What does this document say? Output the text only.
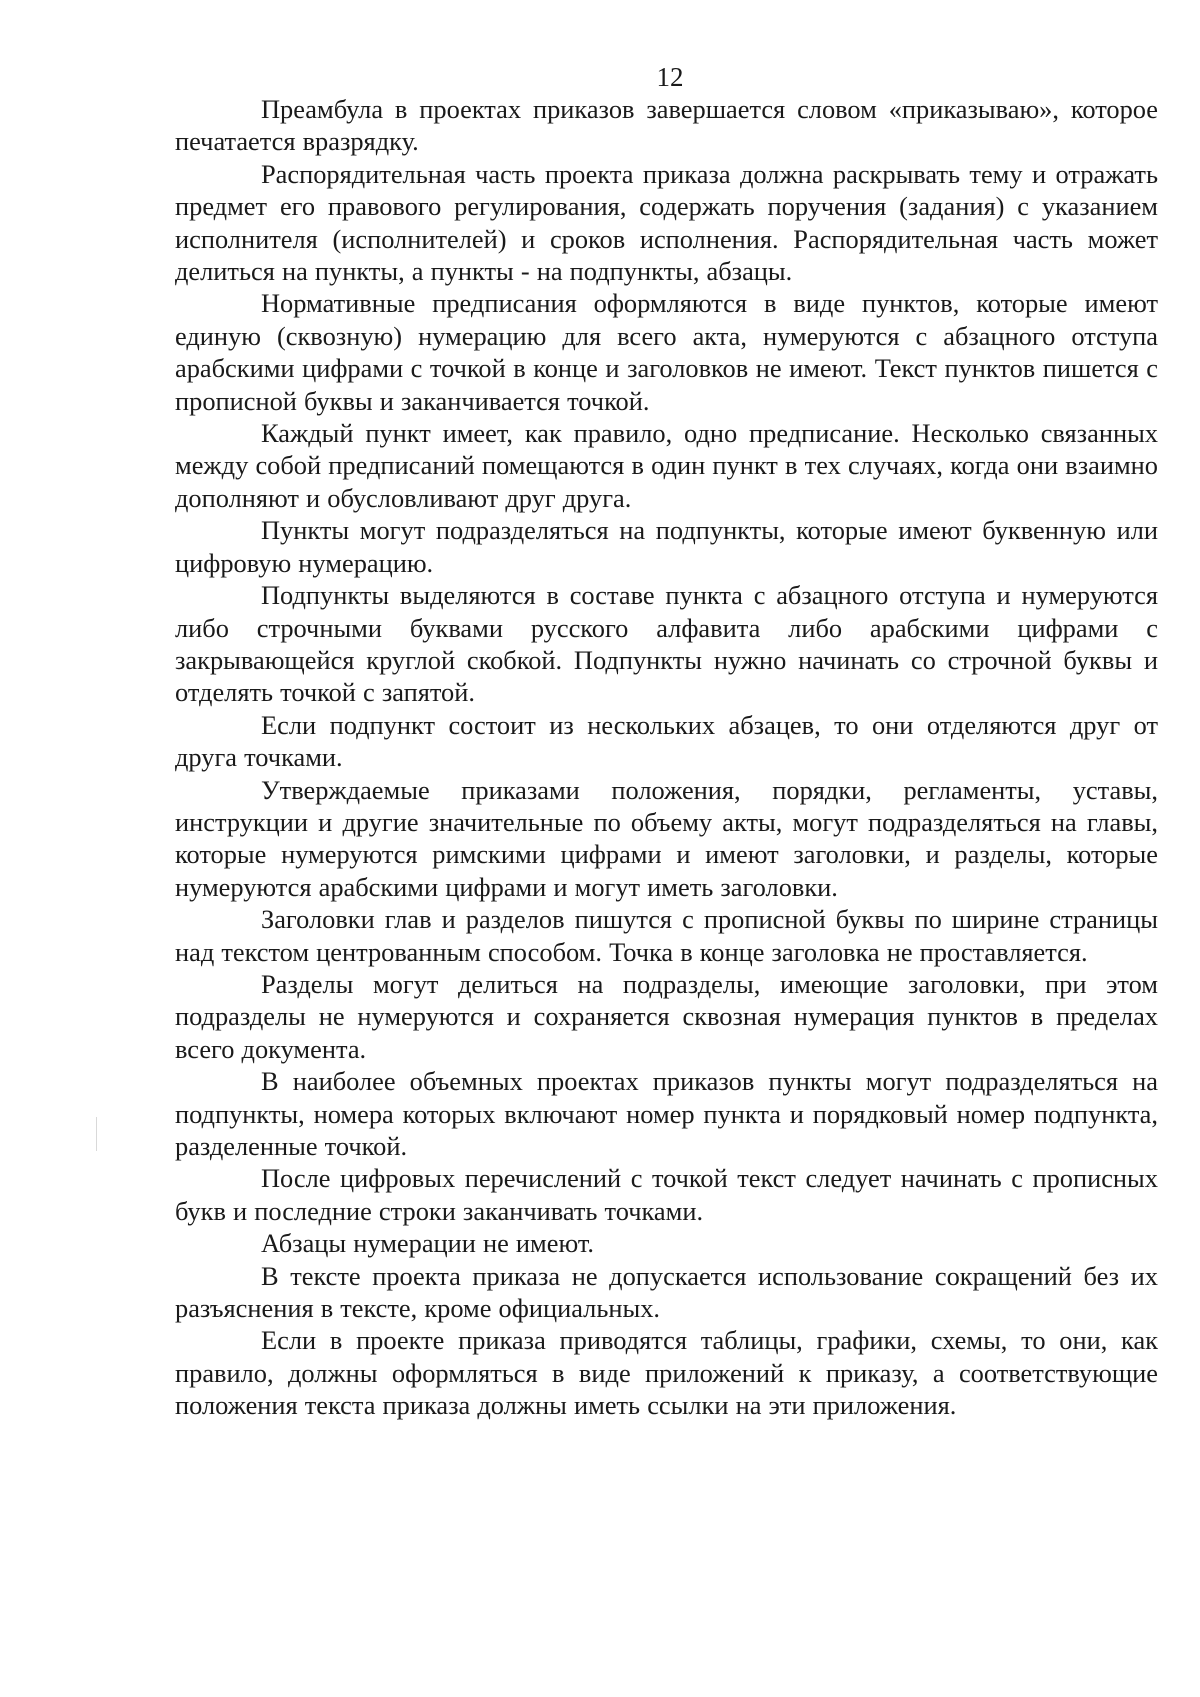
12

Преамбула в проектах приказов завершается словом «приказываю», которое печатается вразрядку.

Распорядительная часть проекта приказа должна раскрывать тему и отражать предмет его правового регулирования, содержать поручения (задания) с указанием исполнителя (исполнителей) и сроков исполнения. Распорядительная часть может делиться на пункты, а пункты - на подпункты, абзацы.

Нормативные предписания оформляются в виде пунктов, которые имеют единую (сквозную) нумерацию для всего акта, нумеруются с абзацного отступа арабскими цифрами с точкой в конце и заголовков не имеют. Текст пунктов пишется с прописной буквы и заканчивается точкой.

Каждый пункт имеет, как правило, одно предписание. Несколько связанных между собой предписаний помещаются в один пункт в тех случаях, когда они взаимно дополняют и обусловливают друг друга.

Пункты могут подразделяться на подпункты, которые имеют буквенную или цифровую нумерацию.

Подпункты выделяются в составе пункта с абзацного отступа и нумеруются либо строчными буквами русского алфавита либо арабскими цифрами с закрывающейся круглой скобкой. Подпункты нужно начинать со строчной буквы и отделять точкой с запятой.

Если подпункт состоит из нескольких абзацев, то они отделяются друг от друга точками.

Утверждаемые приказами положения, порядки, регламенты, уставы, инструкции и другие значительные по объему акты, могут подразделяться на главы, которые нумеруются римскими цифрами и имеют заголовки, и разделы, которые нумеруются арабскими цифрами и могут иметь заголовки.

Заголовки глав и разделов пишутся с прописной буквы по ширине страницы над текстом центрованным способом. Точка в конце заголовка не проставляется.

Разделы могут делиться на подразделы, имеющие заголовки, при этом подразделы не нумеруются и сохраняется сквозная нумерация пунктов в пределах всего документа.

В наиболее объемных проектах приказов пункты могут подразделяться на подпункты, номера которых включают номер пункта и порядковый номер подпункта, разделенные точкой.

После цифровых перечислений с точкой текст следует начинать с прописных букв и последние строки заканчивать точками.

Абзацы нумерации не имеют.

В тексте проекта приказа не допускается использование сокращений без их разъяснения в тексте, кроме официальных.

Если в проекте приказа приводятся таблицы, графики, схемы, то они, как правило, должны оформляться в виде приложений к приказу, а соответствующие положения текста приказа должны иметь ссылки на эти приложения.
